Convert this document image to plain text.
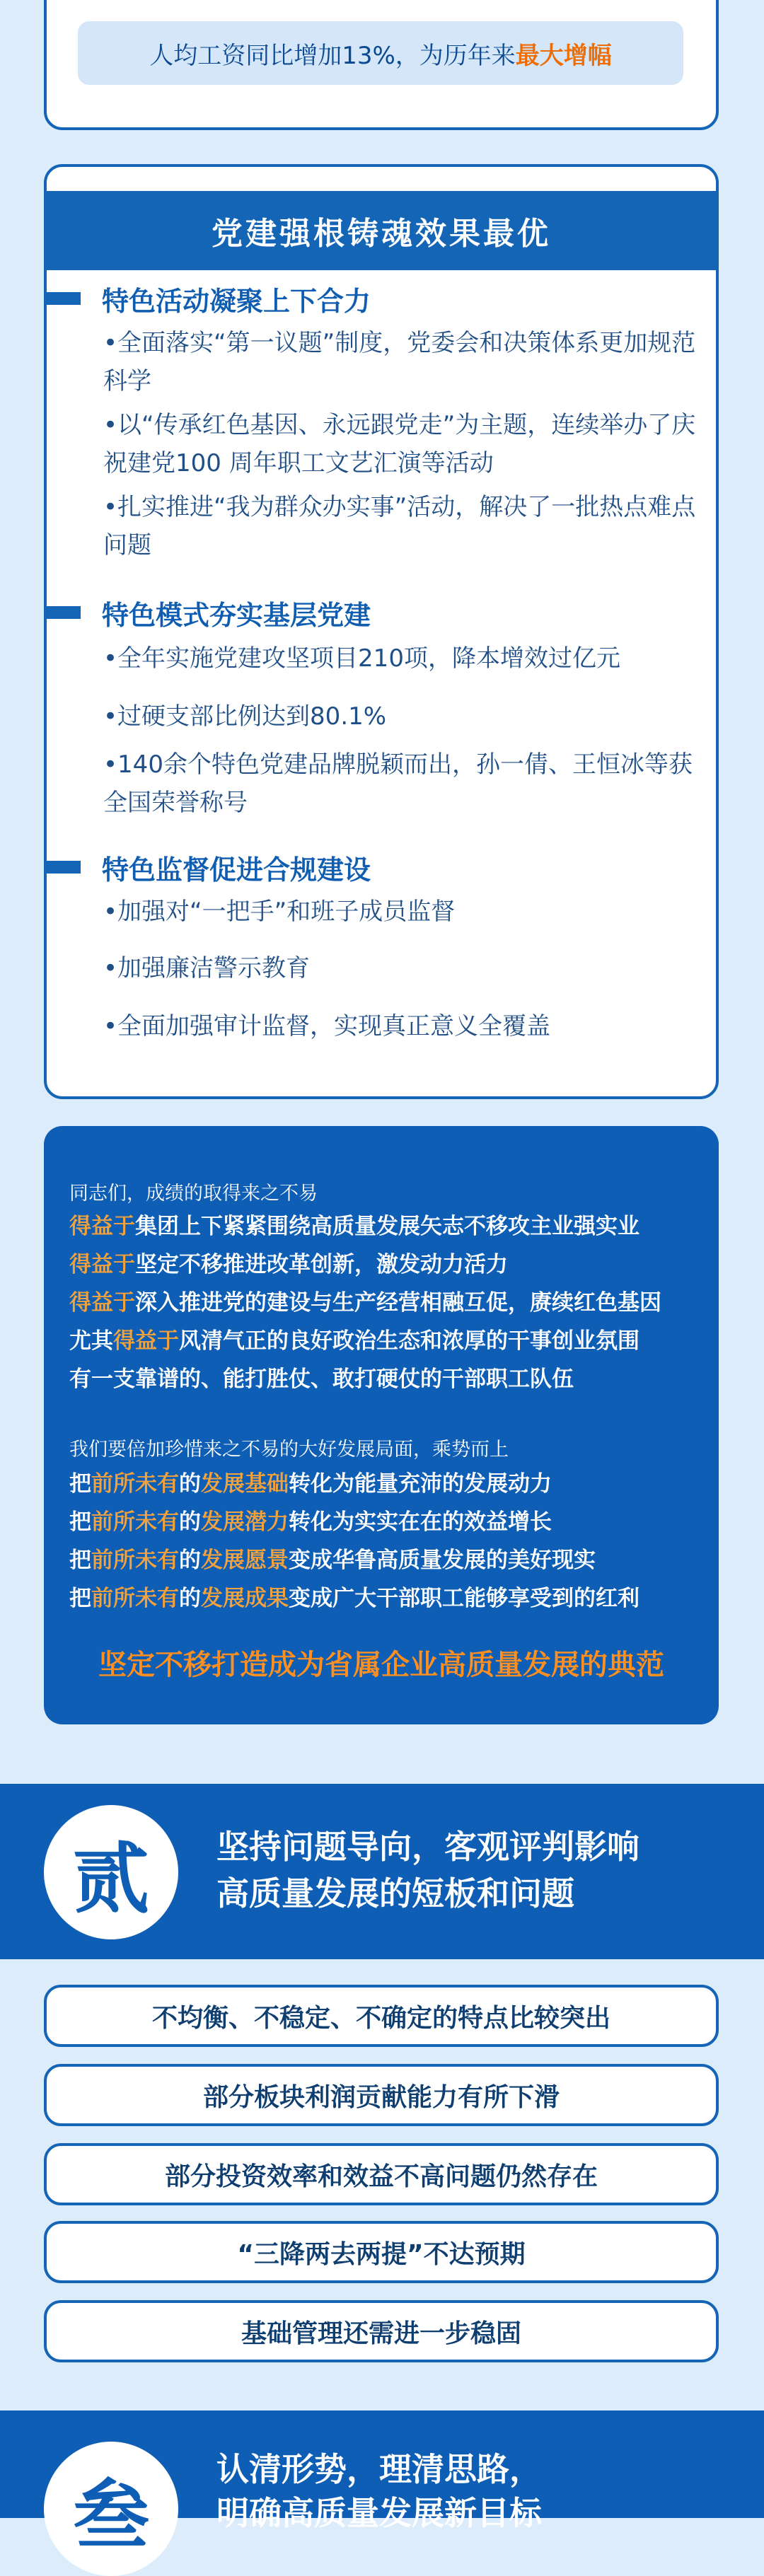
人均工资同比增加13%，为历年来 最大增幅
党建强根铸魂效果最优
特色活动凝聚上下合力
•全面落实“第一议题”制度，党委会和决策体系更加规范科学
•以“传承红色基因、永远跟党走”为主题，连续举办了庆祝建党100 周年职工文艺汇演等活动
•扎实推进“我为群众办实事”活动，解决了一批热点难点问题
特色模式夯实基层党建
•全年实施党建攻坚项目210项，降本增效过亿元
•过硬支部比例达到80.1%
•140余个特色党建品牌脱颖而出，孙一倩、王恒冰等获全国荣誉称号
特色监督促进合规建设
•加强对“一把手”和班子成员监督
•加强廉洁警示教育
•全面加强审计监督，实现真正意义全覆盖
同志们，成绩的取得来之不易
得益于集团上下紧紧围绕高质量发展矢志不移攻主业强实业
得益于坚定不移推进改革创新，激发动力活力
得益于深入推进党的建设与生产经营相融互促，赓续红色基因
尤其得益于风清气正的良好政治生态和浓厚的干事创业氛围
有一支靠谱的、能打胜仗、敢打硬仗的干部职工队伍
我们要倍加珍惜来之不易的大好发展局面，乘势而上
把前所未有的发展基础转化为能量充沛的发展动力
把前所未有的发展潜力转化为实实在在的效益增长
把前所未有的发展愿景变成华鲁高质量发展的美好现实
把前所未有的发展成果变成广大干部职工能够享受到的红利
坚定不移打造成为省属企业高质量发展的典范
贰	坚持问题导向，客观评判影响
高质量发展的短板和问题
不均衡、不稳定、不确定的特点比较突出
部分板块利润贡献能力有所下滑
部分投资效率和效益不高问题仍然存在
“三降两去两提”不达预期
基础管理还需进一步稳固
叁
认清形势，理清思路，
明确高质量发展新目标
